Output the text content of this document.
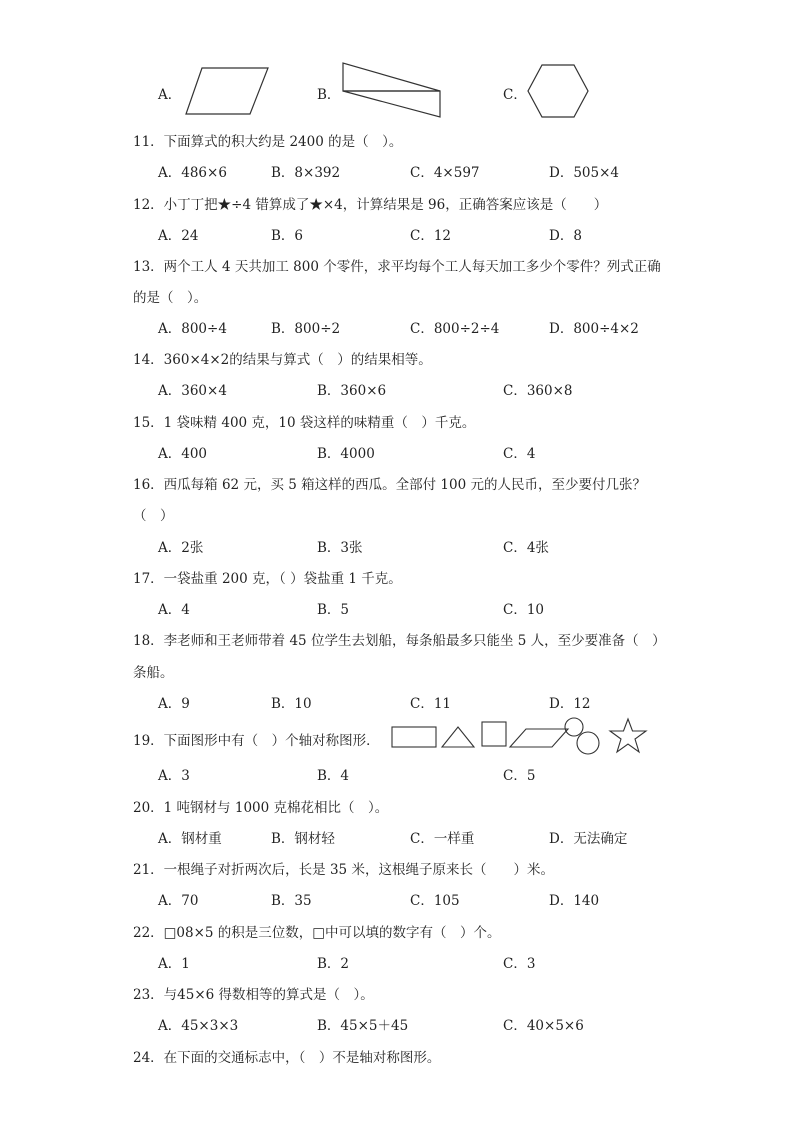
A．	B．	C．
11．下面算式的积大约是 2400 的是（　）。
A．486×6	B．8×392	C．4×597	D．505×4
12．小丁丁把★÷4 错算成了★×4，计算结果是 96，正确答案应该是（　　）
A．24	B．6	C．12	D．8
13．两个工人 4 天共加工 800 个零件，求平均每个工人每天加工多少个零件？列式正确
的是（　）。
A．800÷4	B．800÷2	C．800÷2÷4	D．800÷4×2
14．360×4×2的结果与算式（　）的结果相等。
A．360×4	B．360×6	C．360×8
15．1 袋味精 400 克，10 袋这样的味精重（　）千克。
A．400	B．4000	C．4
16．西瓜每箱 62 元，买 5 箱这样的西瓜。全部付 100 元的人民币，至少要付几张？
（　）
A．2张	B．3张	C．4张
17．一袋盐重 200 克，（ ）袋盐重 1 千克。
A．4	B．5	C．10
18．李老师和王老师带着 45 位学生去划船，每条船最多只能坐 5 人，至少要准备（　）
条船。
A．9	B．10	C．11	D．12
19．下面图形中有（　）个轴对称图形．
A．3	B．4	C．5
20．1 吨钢材与 1000 克棉花相比（　）。
A．钢材重	B．钢材轻	C．一样重	D．无法确定
21．一根绳子对折两次后，长是 35 米，这根绳子原来长（　　）米。
A．70	B．35	C．105	D．140
22．□08×5 的积是三位数，□中可以填的数字有（　）个。
A．1	B．2	C．3
23．与45×6 得数相等的算式是（　）。
A．45×3×3	B．45×5＋45	C．40×5×6
24．在下面的交通标志中，（　）不是轴对称图形。
